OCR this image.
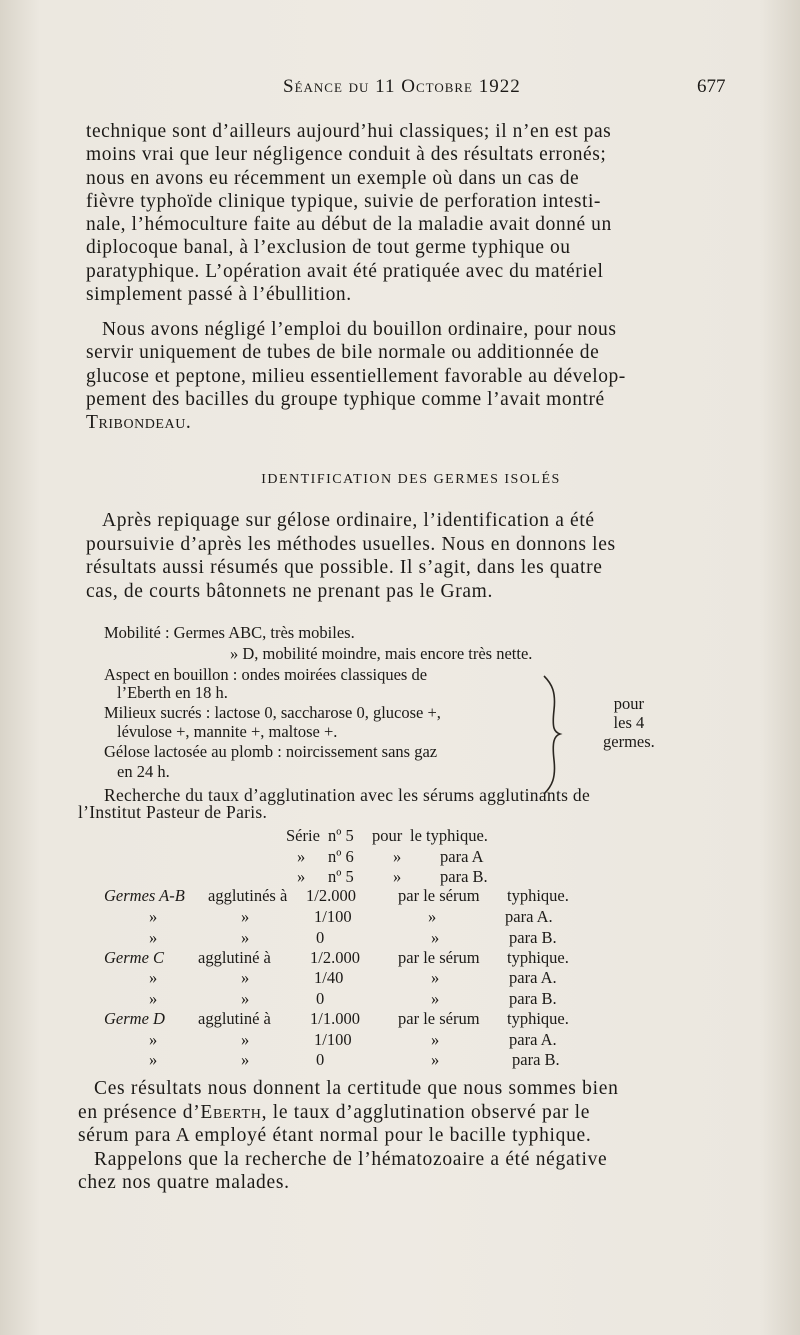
Séance du 11 Octobre 1922	677

technique sont d’ailleurs aujourd’hui classiques; il n’en est pas

moins vrai que leur négligence conduit à des résultats erronés;

nous en avons eu récemment un exemple où dans un cas de

fièvre typhoïde clinique typique, suivie de perforation intesti-

nale, l’hémoculture faite au début de la maladie avait donné un

diplocoque banal, à l’exclusion de tout germe typhique ou

paratyphique. L’opération avait été pratiquée avec du matériel

simplement passé à l’ébullition.

Nous avons négligé l’emploi du bouillon ordinaire, pour nous

servir uniquement de tubes de bile normale ou additionnée de

glucose et peptone, milieu essentiellement favorable au dévelop-

pement des bacilles du groupe typhique comme l’avait montré

Tribondeau.

IDENTIFICATION DES GERMES ISOLÉS

Après repiquage sur gélose ordinaire, l’identification a été

poursuivie d’après les méthodes usuelles. Nous en donnons les

résultats aussi résumés que possible. Il s’agit, dans les quatre

cas, de courts bâtonnets ne prenant pas le Gram.

Mobilité : Germes ABC, très mobiles.
» D, mobilité moindre, mais encore très nette.
Aspect en bouillon : ondes moirées classiques de
l’Eberth en 18 h.
Milieux sucrés : lactose 0, saccharose 0, glucose +,
lévulose +, mannite +, maltose +.
Gélose lactosée au plomb : noircissement sans gaz
en 24 h.
pour
les 4
germes.
Recherche du taux d’agglutination avec les sérums agglutinants de
l’Institut Pasteur de Paris.
Série nº 5 pour le typhique.
» nº 6 » para A
» nº 5 » para B.
Germes A-B agglutinés à 1/2.000	par le sérum typhique.
»	»	1/100	»	para A.
»	»	0	»	para B.
Germe C agglutiné à 1/2.000 par le sérum typhique.
»	»	1/40	»	para A.
»	»	0	»	para B.
Germe D agglutiné à 1/1.000 par le sérum typhique.
»	»	1/100	»	para A.
»	»	0	»	para B.

Ces résultats nous donnent la certitude que nous sommes bien

en présence d’Eberth, le taux d’agglutination observé par le

sérum para A employé étant normal pour le bacille typhique.

Rappelons que la recherche de l’hématozoaire a été négative

chez nos quatre malades.
